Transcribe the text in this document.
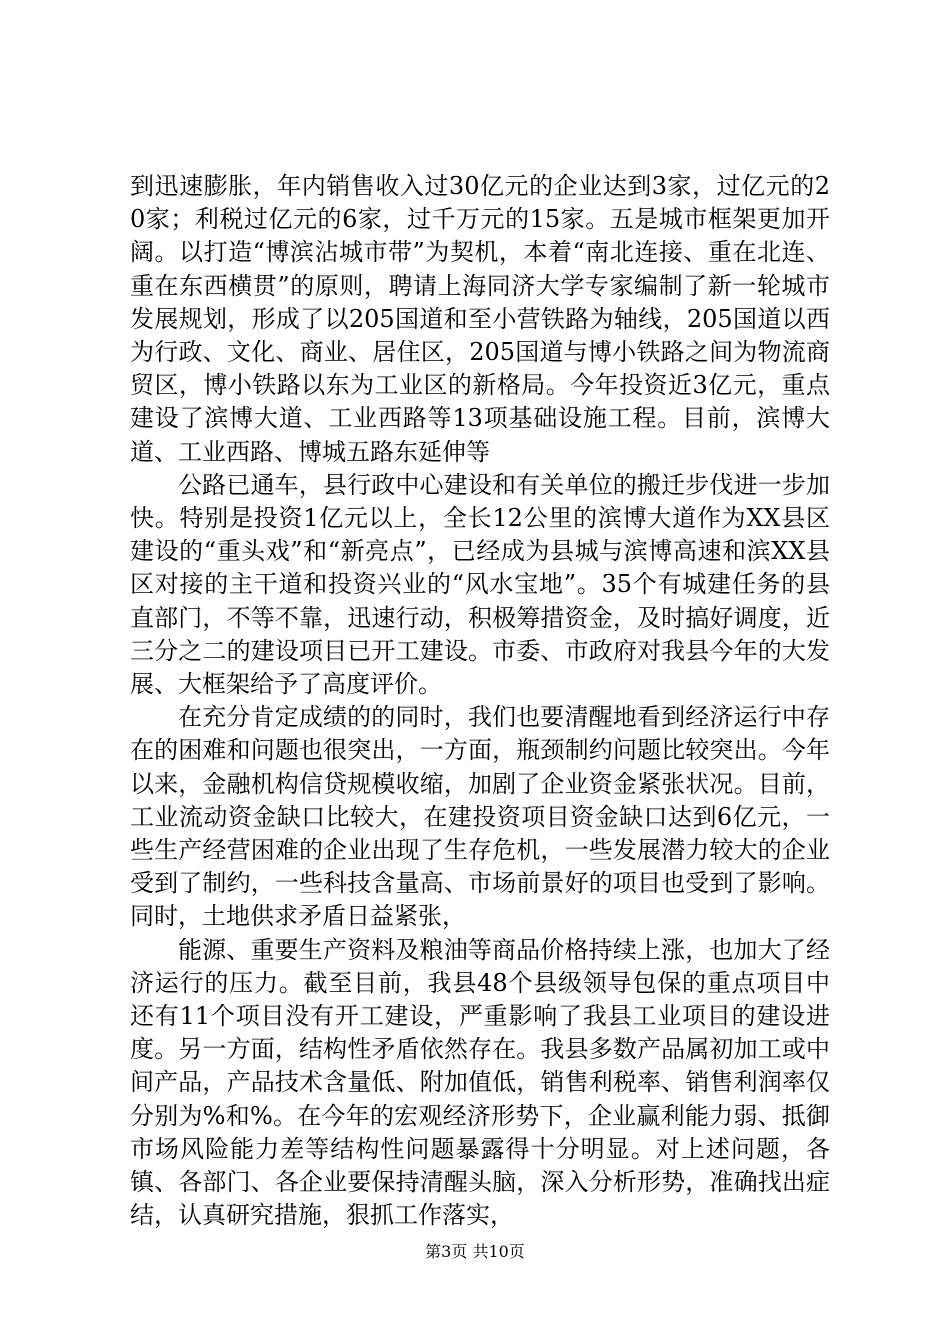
到迅速膨胀，年内销售收入过30亿元的企业达到3家，过亿元的20家；利税过亿元的6家，过千万元的15家。五是城市框架更加开阔。以打造“博滨沾城市带”为契机，本着“南北连接、重在北连、重在东西横贯”的原则，聘请上海同济大学专家编制了新一轮城市发展规划，形成了以205国道和至小营铁路为轴线，205国道以西为行政、文化、商业、居住区，205国道与博小铁路之间为物流商贸区，博小铁路以东为工业区的新格局。今年投资近3亿元，重点建设了滨博大道、工业西路等13项基础设施工程。目前，滨博大道、工业西路、博城五路东延伸等

公路已通车，县行政中心建设和有关单位的搬迁步伐进一步加快。特别是投资1亿元以上，全长12公里的滨博大道作为XX县区建设的“重头戏”和“新亮点”，已经成为县城与滨博高速和滨XX县区对接的主干道和投资兴业的“风水宝地”。35个有城建任务的县直部门，不等不靠，迅速行动，积极筹措资金，及时搞好调度，近三分之二的建设项目已开工建设。市委、市政府对我县今年的大发展、大框架给予了高度评价。

在充分肯定成绩的的同时，我们也要清醒地看到经济运行中存在的困难和问题也很突出，一方面，瓶颈制约问题比较突出。今年以来，金融机构信贷规模收缩，加剧了企业资金紧张状况。目前，工业流动资金缺口比较大，在建投资项目资金缺口达到6亿元，一些生产经营困难的企业出现了生存危机，一些发展潜力较大的企业受到了制约，一些科技含量高、市场前景好的项目也受到了影响。同时，土地供求矛盾日益紧张，

能源、重要生产资料及粮油等商品价格持续上涨，也加大了经济运行的压力。截至目前，我县48个县级领导包保的重点项目中还有11个项目没有开工建设，严重影响了我县工业项目的建设进度。另一方面，结构性矛盾依然存在。我县多数产品属初加工或中间产品，产品技术含量低、附加值低，销售利税率、销售利润率仅分别为%和%。在今年的宏观经济形势下，企业赢利能力弱、抵御市场风险能力差等结构性问题暴露得十分明显。对上述问题，各镇、各部门、各企业要保持清醒头脑，深入分析形势，准确找出症结，认真研究措施，狠抓工作落实，

第3页 共10页
